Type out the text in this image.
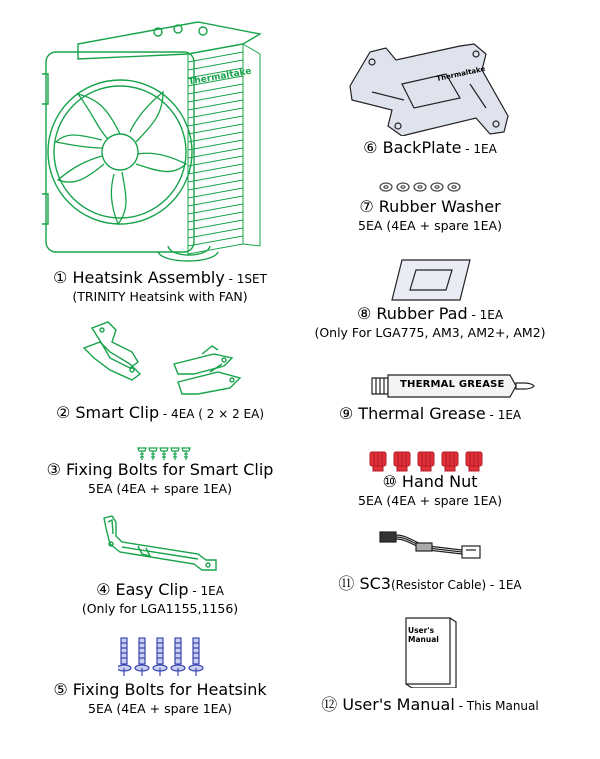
Thermaltake
① Heatsink Assembly - 1SET
(TRINITY Heatsink with FAN)
② Smart Clip - 4EA ( 2 × 2 EA)
③ Fixing Bolts for Smart Clip
5EA (4EA + spare 1EA)
④ Easy Clip - 1EA
(Only for LGA1155,1156)
⑤ Fixing Bolts for Heatsink
5EA (4EA + spare 1EA)
Thermaltake
⑥ BackPlate - 1EA
⑦ Rubber Washer
5EA (4EA + spare 1EA)
⑧ Rubber Pad - 1EA
(Only For LGA775, AM3, AM2+, AM2)
THERMAL GREASE
⑨ Thermal Grease - 1EA
⑩ Hand Nut
5EA (4EA + spare 1EA)
⑪ SC3(Resistor Cable) - 1EA
User's Manual
⑫ User's Manual - This Manual
